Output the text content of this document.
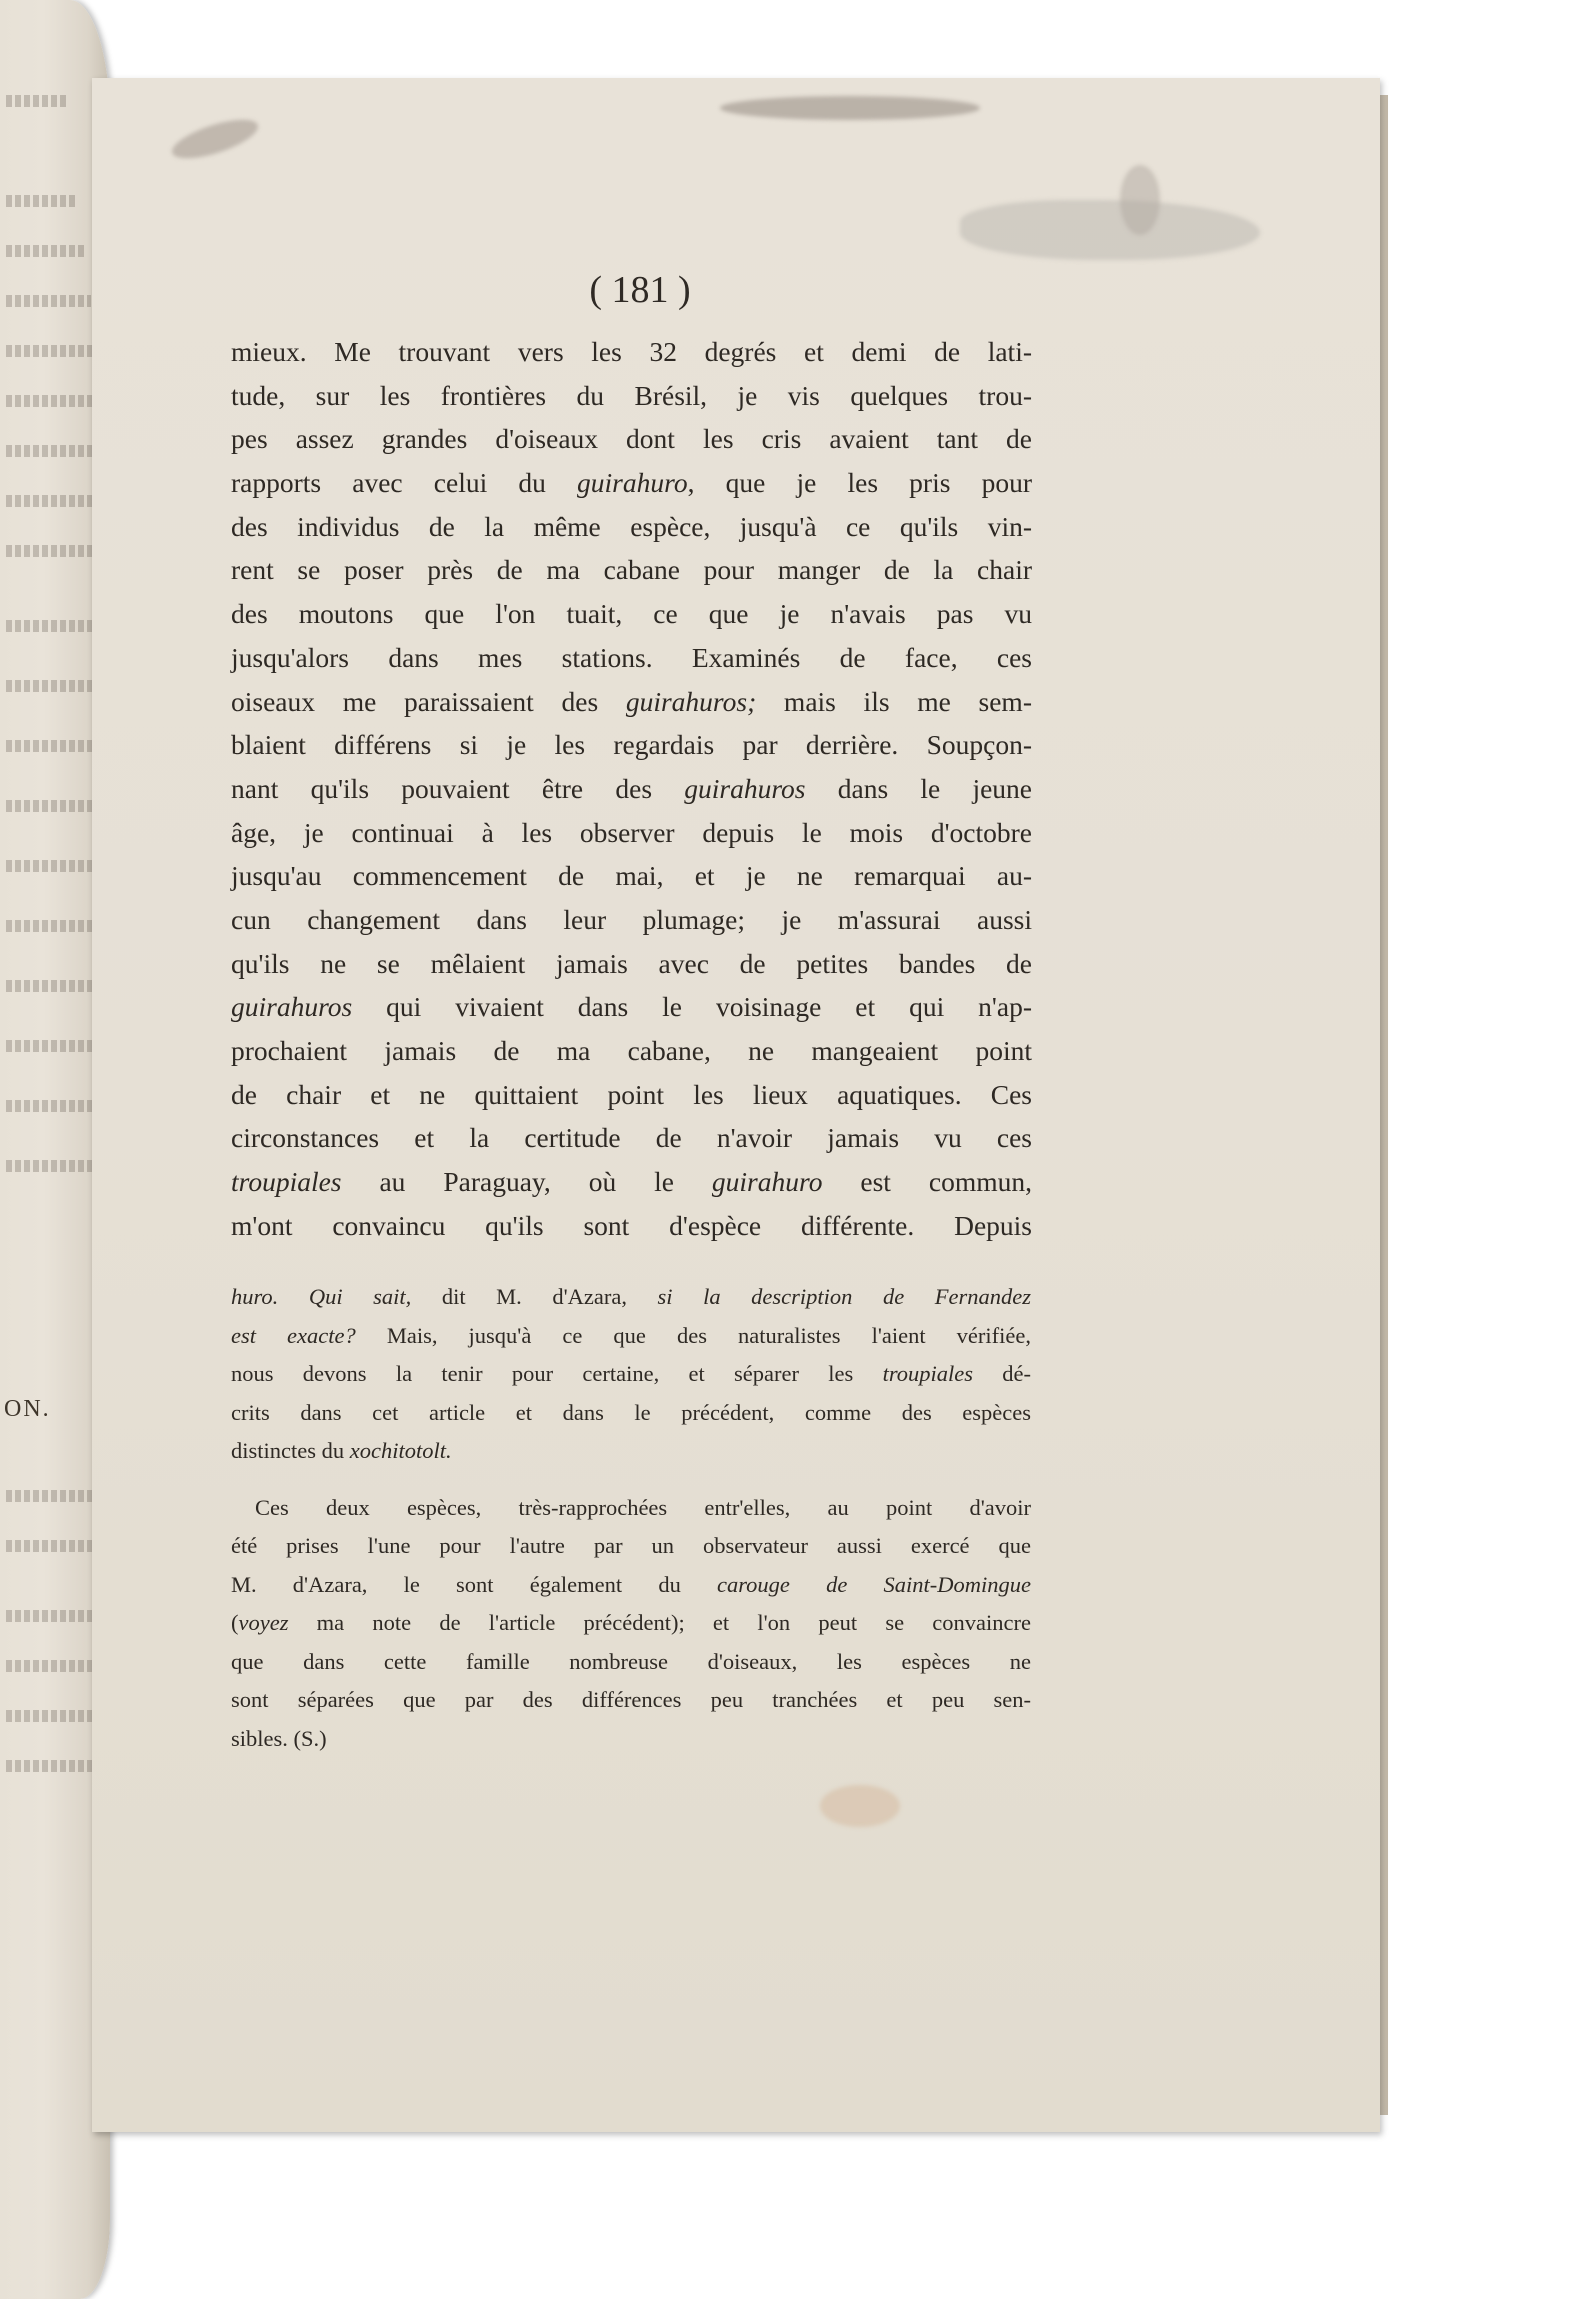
ON.
( 181 )
mieux. Me trouvant vers les 32 degrés et demi de lati-
tude, sur les frontières du Brésil, je vis quelques trou-
pes assez grandes d'oiseaux dont les cris avaient tant de
rapports avec celui du guirahuro, que je les pris pour
des individus de la même espèce, jusqu'à ce qu'ils vin-
rent se poser près de ma cabane pour manger de la chair
des moutons que l'on tuait, ce que je n'avais pas vu
jusqu'alors dans mes stations. Examinés de face, ces
oiseaux me paraissaient des guirahuros; mais ils me sem-
blaient différens si je les regardais par derrière. Soupçon-
nant qu'ils pouvaient être des guirahuros dans le jeune
âge, je continuai à les observer depuis le mois d'octobre
jusqu'au commencement de mai, et je ne remarquai au-
cun changement dans leur plumage; je m'assurai aussi
qu'ils ne se mêlaient jamais avec de petites bandes de
guirahuros qui vivaient dans le voisinage et qui n'ap-
prochaient jamais de ma cabane, ne mangeaient point
de chair et ne quittaient point les lieux aquatiques. Ces
circonstances et la certitude de n'avoir jamais vu ces
troupiales au Paraguay, où le guirahuro est commun,
m'ont convaincu qu'ils sont d'espèce différente. Depuis
huro. Qui sait, dit M. d'Azara, si la description de Fernandez
est exacte? Mais, jusqu'à ce que des naturalistes l'aient vérifiée,
nous devons la tenir pour certaine, et séparer les troupiales dé-
crits dans cet article et dans le précédent, comme des espèces
distinctes du xochitotolt.
Ces deux espèces, très-rapprochées entr'elles, au point d'avoir
été prises l'une pour l'autre par un observateur aussi exercé que
M. d'Azara, le sont également du carouge de Saint-Domingue
(voyez ma note de l'article précédent); et l'on peut se convaincre
que dans cette famille nombreuse d'oiseaux, les espèces ne
sont séparées que par des différences peu tranchées et peu sen-
sibles. (S.)
